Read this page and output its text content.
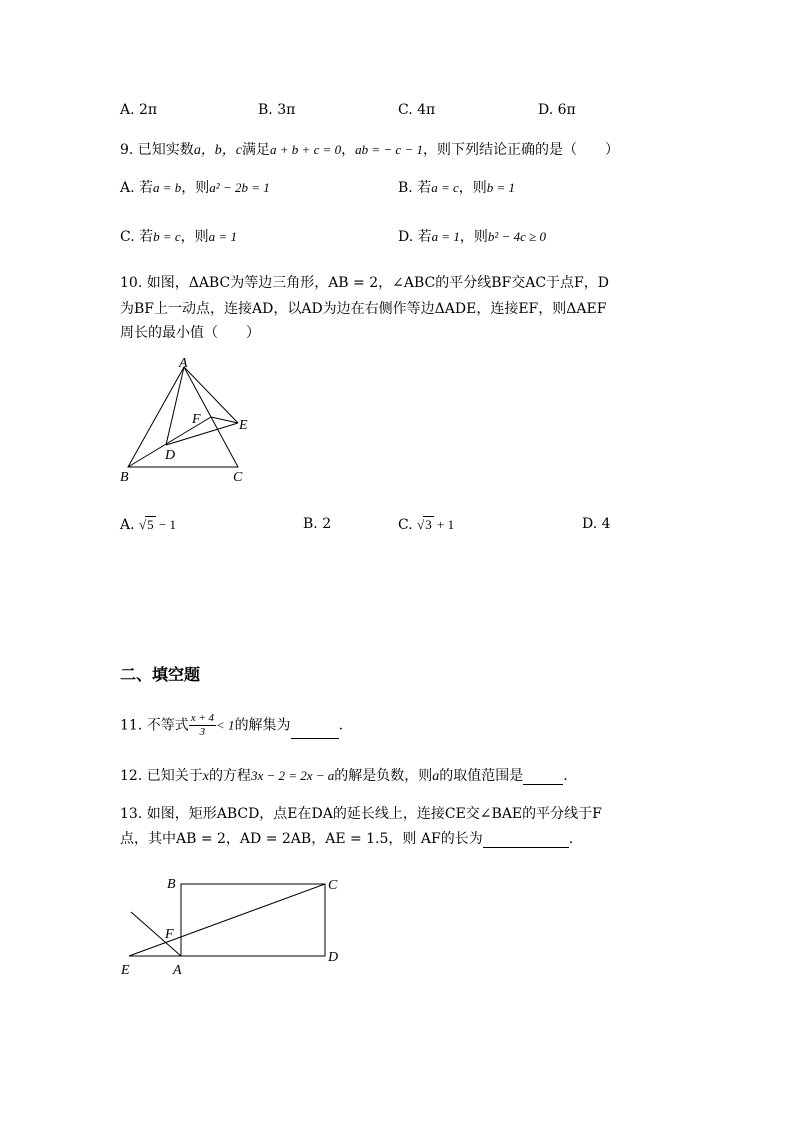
A. 2π	B. 3π	C. 4π	D. 6π
9. 已知实数a，b，c满足a + b + c = 0，ab = − c − 1，则下列结论正确的是（　　）
A. 若a = b，则a² − 2b = 1	B. 若a = c，则b = 1
C. 若b = c，则a = 1	D. 若a = 1，则b² − 4c ≥ 0
10. 如图，ΔABC为等边三角形，AB = 2，∠ABC的平分线BF交AC于点F，D
为BF上一动点，连接AD，以AD为边在右侧作等边ΔADE，连接EF，则ΔAEF
周长的最小值（　　）
A
B	C
D
E
F
A. √5 − 1	B. 2	C. √3 + 1	D. 4
二、填空题
11. 不等式 $\frac{x + 4}{3} < 1$的解集为	.
12. 已知关于x的方程3x − 2 = 2x − a的解是负数，则a的取值范围是	.
13. 如图，矩形ABCD，点E在DA的延长线上，连接CE交∠BAE的平分线于F
点，其中AB = 2，AD = 2AB，AE = 1.5，则 AF的长为	.
B	C
D
A
E
F
